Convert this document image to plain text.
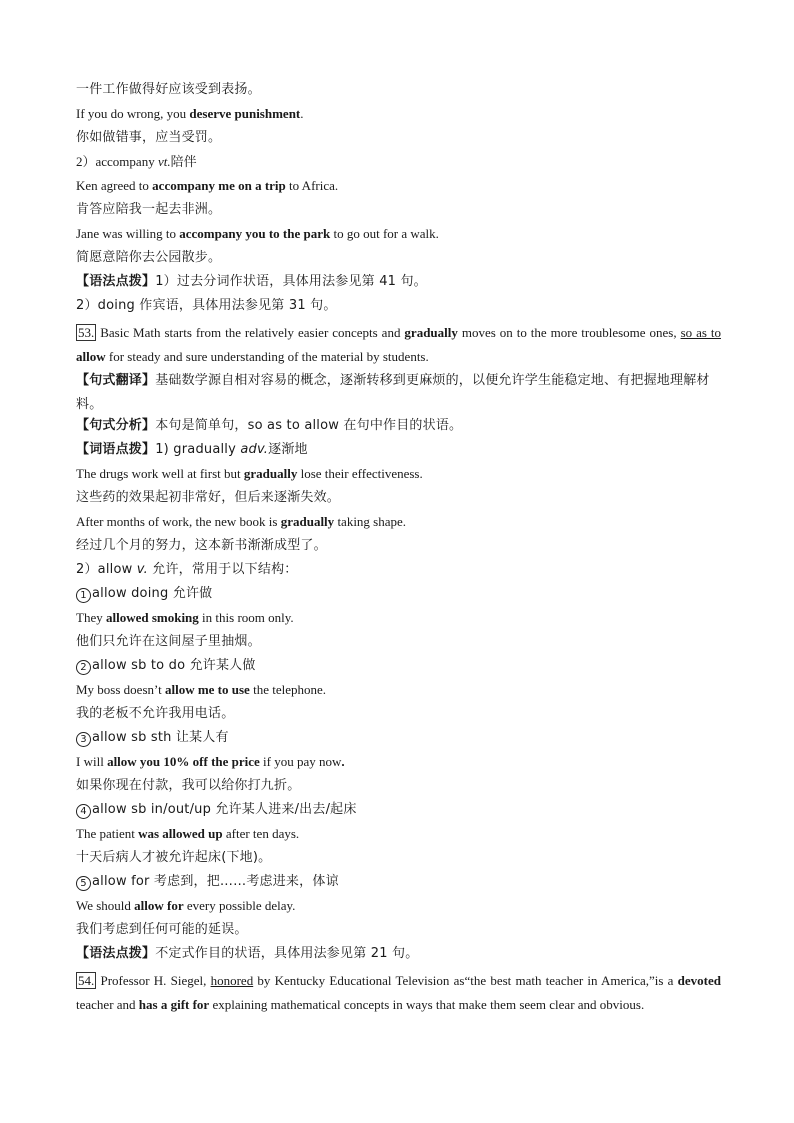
一件工作做得好应该受到表扬。
If you do wrong, you deserve punishment.
你如做错事，应当受罚。
2）accompany vt.陪伴
Ken agreed to accompany me on a trip to Africa.
肯答应陪我一起去非洲。
Jane was willing to accompany you to the park to go out for a walk.
简愿意陪你去公园散步。
【语法点拨】1）过去分词作状语，具体用法参见第 41 句。
2）doing 作宾语，具体用法参见第 31 句。
53. Basic Math starts from the relatively easier concepts and gradually moves on to the more troublesome ones, so as to allow for steady and sure understanding of the material by students.
【句式翻译】基础数学源自相对容易的概念，逐渐转移到更麻烦的，以便允许学生能稳定地、有把握地理解材料。
【句式分析】本句是简单句，so as to allow 在句中作目的状语。
【词语点拨】1) gradually adv.逐渐地
The drugs work well at first but gradually lose their effectiveness.
这些药的效果起初非常好，但后来逐渐失效。
After months of work, the new book is gradually taking shape.
经过几个月的努力，这本新书渐渐成型了。
2）allow v. 允许，常用于以下结构：
1 allow doing 允许做
They allowed smoking in this room only.
他们只允许在这间屋子里抽烟。
2 allow sb to do 允许某人做
My boss doesn’t allow me to use the telephone.
我的老板不允许我用电话。
3 allow sb sth 让某人有
I will allow you 10% off the price if you pay now.
如果你现在付款，我可以给你打九折。
4 allow sb in/out/up 允许某人进来/出去/起床
The patient was allowed up after ten days.
十天后病人才被允许起床(下地)。
5 allow for 考虑到，把……考虑进来，体谅
We should allow for every possible delay.
我们考虑到任何可能的延误。
【语法点拨】不定式作目的状语，具体用法参见第 21 句。
54. Professor H. Siegel, honored by Kentucky Educational Television as“the best math teacher in America,”is a devoted teacher and has a gift for explaining mathematical concepts in ways that make them seem clear and obvious.
